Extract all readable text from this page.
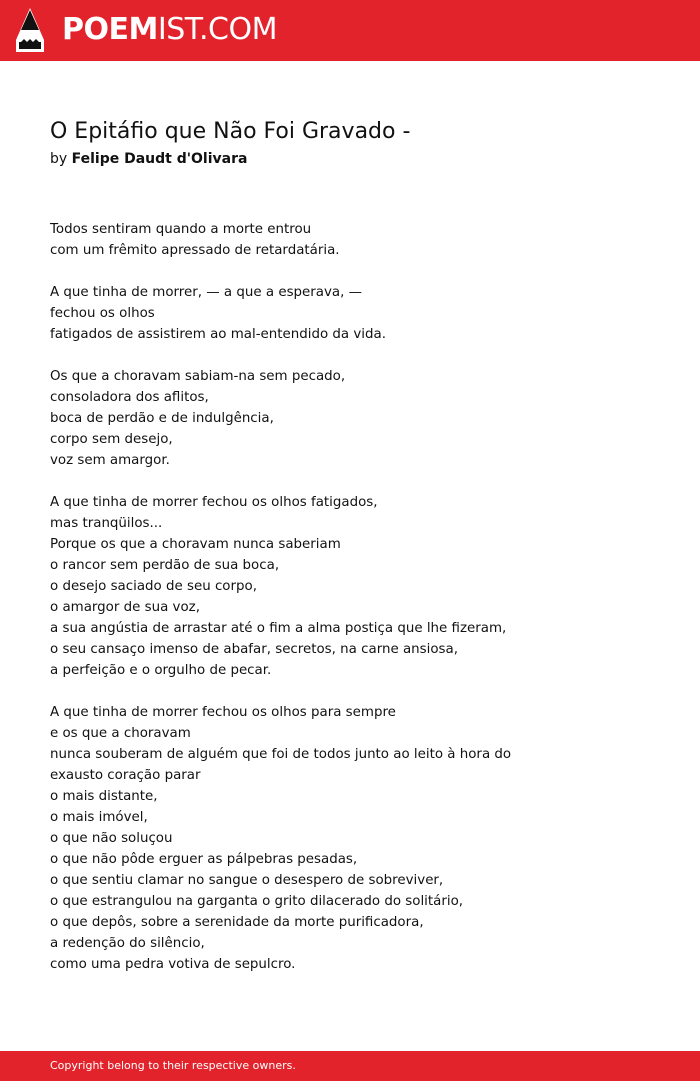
POEMIST.COM
O Epitáfio que Não Foi Gravado -
by Felipe Daudt d'Olivara

Todos sentiram quando a morte entrou
com um frêmito apressado de retardatária.

A que tinha de morrer, — a que a esperava, —
fechou os olhos
fatigados de assistirem ao mal-entendido da vida.

Os que a choravam sabiam-na sem pecado,
consoladora dos aflitos,
boca de perdão e de indulgência,
corpo sem desejo,
voz sem amargor.

A que tinha de morrer fechou os olhos fatigados,
mas tranqüilos...
Porque os que a choravam nunca saberiam
o rancor sem perdão de sua boca,
o desejo saciado de seu corpo,
o amargor de sua voz,
a sua angústia de arrastar até o fim a alma postiça que lhe fizeram,
o seu cansaço imenso de abafar, secretos, na carne ansiosa,
a perfeição e o orgulho de pecar.

A que tinha de morrer fechou os olhos para sempre
e os que a choravam
nunca souberam de alguém que foi de todos junto ao leito à hora do
exausto coração parar
o mais distante,
o mais imóvel,
o que não soluçou
o que não pôde erguer as pálpebras pesadas,
o que sentiu clamar no sangue o desespero de sobreviver,
o que estrangulou na garganta o grito dilacerado do solitário,
o que depôs, sobre a serenidade da morte purificadora,
a redenção do silêncio,
como uma pedra votiva de sepulcro.

Copyright belong to their respective owners.
